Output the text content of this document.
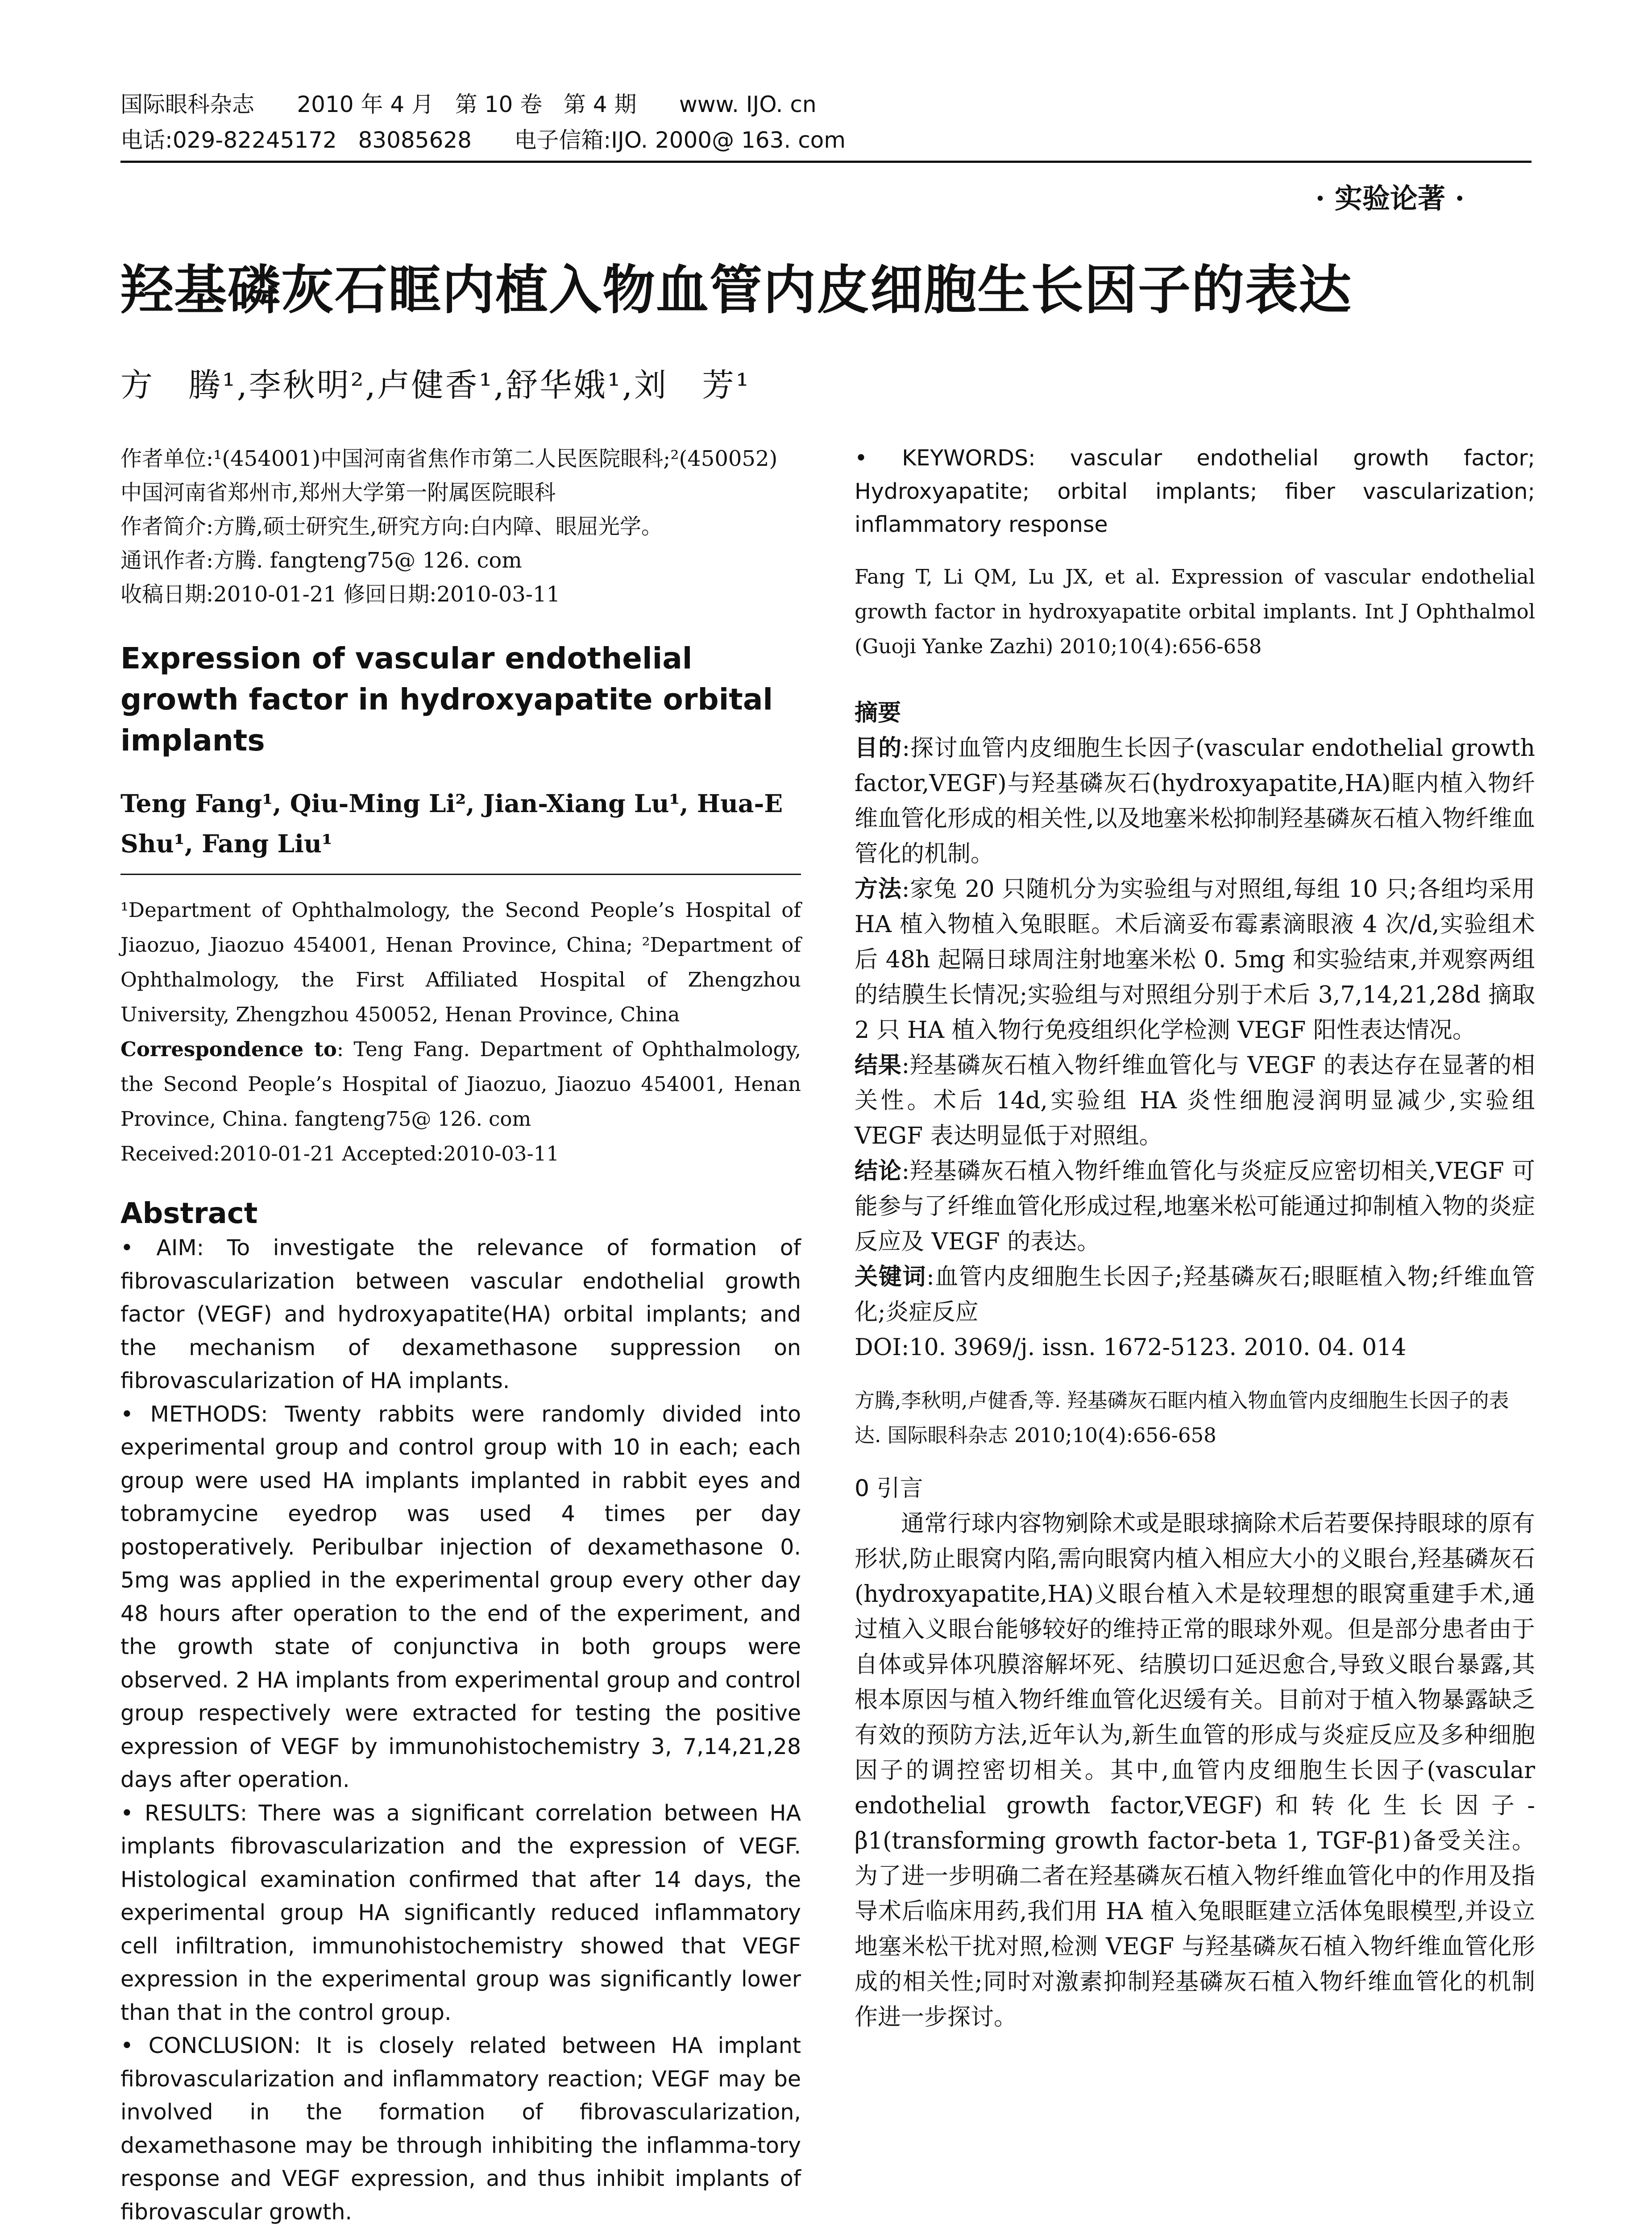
国际眼科杂志 2010 年 4 月   第 10 卷   第 4 期 www. IJO. cn
电话:029-82245172   83085628 电子信箱:IJO. 2000@ 163. com
· 实验论著 ·
羟基磷灰石眶内植入物血管内皮细胞生长因子的表达
方　腾¹,李秋明²,卢健香¹,舒华娥¹,刘　芳¹
作者单位:¹(454001)中国河南省焦作市第二人民医院眼科;²(450052)
中国河南省郑州市,郑州大学第一附属医院眼科
作者简介:方腾,硕士研究生,研究方向:白内障、眼屈光学。
通讯作者:方腾. fangteng75@ 126. com
收稿日期:2010-01-21 修回日期:2010-03-11
Expression of vascular endothelial growth factor in hydroxyapatite orbital implants
Teng Fang¹, Qiu-Ming Li², Jian-Xiang Lu¹, Hua-E Shu¹, Fang Liu¹
¹Department of Ophthalmology, the Second People’s Hospital of Jiaozuo, Jiaozuo 454001, Henan Province, China; ²Department of Ophthalmology, the First Affiliated Hospital of Zhengzhou University, Zhengzhou 450052, Henan Province, China
Correspondence to: Teng Fang. Department of Ophthalmology, the Second People’s Hospital of Jiaozuo, Jiaozuo 454001, Henan Province, China. fangteng75@ 126. com
Received:2010-01-21 Accepted:2010-03-11
Abstract
• AIM: To investigate the relevance of formation of fibrovascularization between vascular endothelial growth factor (VEGF) and hydroxyapatite(HA) orbital implants; and the mechanism of dexamethasone suppression on fibrovascularization of HA implants.
• METHODS: Twenty rabbits were randomly divided into experimental group and control group with 10 in each; each group were used HA implants implanted in rabbit eyes and tobramycine eyedrop was used 4 times per day postoperatively. Peribulbar injection of dexamethasone 0. 5mg was applied in the experimental group every other day 48 hours after operation to the end of the experiment, and the growth state of conjunctiva in both groups were observed. 2 HA implants from experimental group and control group respectively were extracted for testing the positive expression of VEGF by immunohistochemistry 3, 7,14,21,28 days after operation.
• RESULTS: There was a significant correlation between HA implants fibrovascularization and the expression of VEGF. Histological examination confirmed that after 14 days, the experimental group HA significantly reduced inflammatory cell infiltration, immunohistochemistry showed that VEGF expression in the experimental group was significantly lower than that in the control group.
• CONCLUSION: It is closely related between HA implant fibrovascularization and inflammatory reaction; VEGF may be involved in the formation of fibrovascularization, dexamethasone may be through inhibiting the inflamma-tory response and VEGF expression, and thus inhibit implants of fibrovascular growth.
• KEYWORDS: vascular endothelial growth factor; Hydroxyapatite; orbital implants; fiber vascularization; inflammatory response
Fang T, Li QM, Lu JX, et al. Expression of vascular endothelial growth factor in hydroxyapatite orbital implants. Int J Ophthalmol (Guoji Yanke Zazhi) 2010;10(4):656-658
摘要
目的:探讨血管内皮细胞生长因子(vascular endothelial growth factor,VEGF)与羟基磷灰石(hydroxyapatite,HA)眶内植入物纤维血管化形成的相关性,以及地塞米松抑制羟基磷灰石植入物纤维血管化的机制。
方法:家兔 20 只随机分为实验组与对照组,每组 10 只;各组均采用 HA 植入物植入兔眼眶。术后滴妥布霉素滴眼液 4 次/d,实验组术后 48h 起隔日球周注射地塞米松 0. 5mg 和实验结束,并观察两组的结膜生长情况;实验组与对照组分别于术后 3,7,14,21,28d 摘取 2 只 HA 植入物行免疫组织化学检测 VEGF 阳性表达情况。
结果:羟基磷灰石植入物纤维血管化与 VEGF 的表达存在显著的相关性。术后 14d,实验组 HA 炎性细胞浸润明显减少,实验组 VEGF 表达明显低于对照组。
结论:羟基磷灰石植入物纤维血管化与炎症反应密切相关,VEGF 可能参与了纤维血管化形成过程,地塞米松可能通过抑制植入物的炎症反应及 VEGF 的表达。
关键词:血管内皮细胞生长因子;羟基磷灰石;眼眶植入物;纤维血管化;炎症反应
DOI:10. 3969/j. issn. 1672-5123. 2010. 04. 014
方腾,李秋明,卢健香,等. 羟基磷灰石眶内植入物血管内皮细胞生长因子的表达. 国际眼科杂志 2010;10(4):656-658
0 引言
通常行球内容物剜除术或是眼球摘除术后若要保持眼球的原有形状,防止眼窝内陷,需向眼窝内植入相应大小的义眼台,羟基磷灰石(hydroxyapatite,HA)义眼台植入术是较理想的眼窝重建手术,通过植入义眼台能够较好的维持正常的眼球外观。但是部分患者由于自体或异体巩膜溶解坏死、结膜切口延迟愈合,导致义眼台暴露,其根本原因与植入物纤维血管化迟缓有关。目前对于植入物暴露缺乏有效的预防方法,近年认为,新生血管的形成与炎症反应及多种细胞因子的调控密切相关。其中,血管内皮细胞生长因子(vascular endothelial growth factor,VEGF)和转化生长因子-β1(transforming growth factor-beta 1, TGF-β1)备受关注。为了进一步明确二者在羟基磷灰石植入物纤维血管化中的作用及指导术后临床用药,我们用 HA 植入兔眼眶建立活体兔眼模型,并设立地塞米松干扰对照,检测 VEGF 与羟基磷灰石植入物纤维血管化形成的相关性;同时对激素抑制羟基磷灰石植入物纤维血管化的机制作进一步探讨。
